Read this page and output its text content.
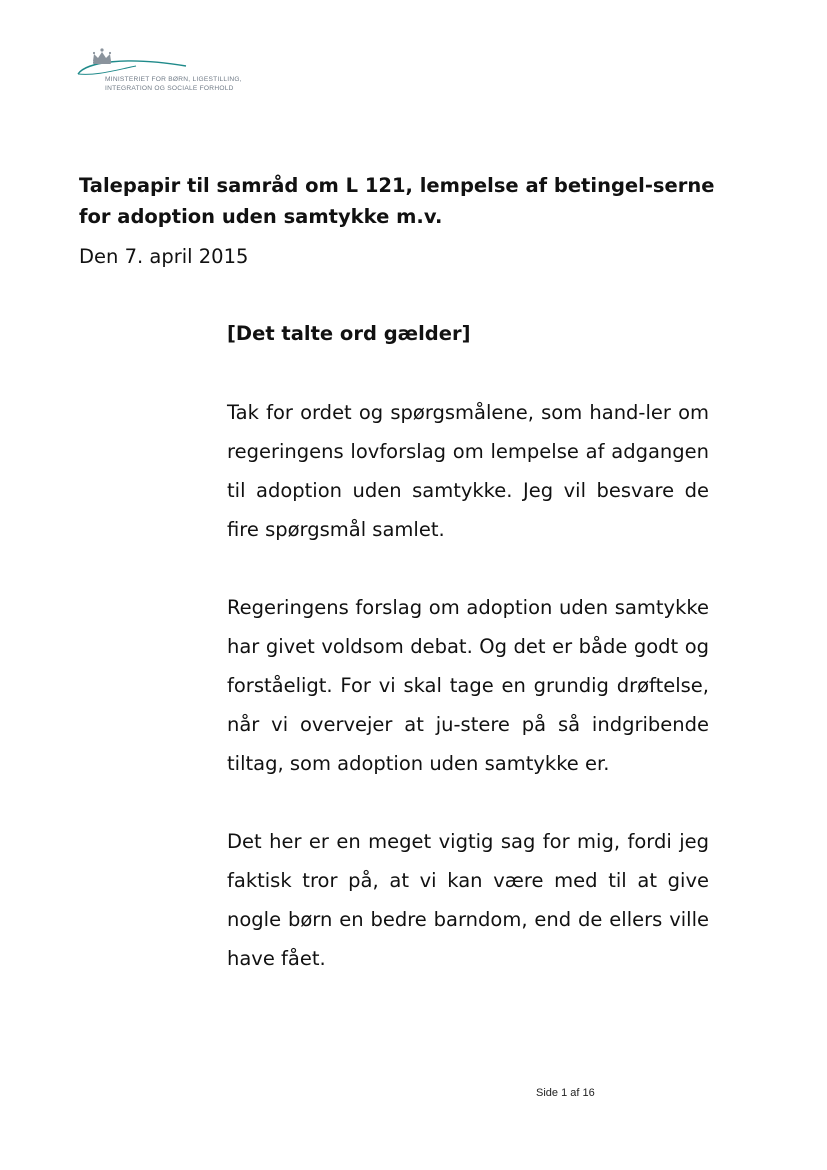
MINISTERIET FOR BØRN, LIGESTILLING,
INTEGRATION OG SOCIALE FORHOLD
Talepapir til samråd om L 121, lempelse af betingel-serne for adoption uden samtykke m.v.
Den 7. april 2015

[Det talte ord gælder]

Tak for ordet og spørgsmålene, som hand-ler om regeringens lovforslag om lempelse af adgangen til adoption uden samtykke. Jeg vil besvare de fire spørgsmål samlet.

Regeringens forslag om adoption uden samtykke har givet voldsom debat. Og det er både godt og forståeligt. For vi skal tage en grundig drøftelse, når vi overvejer at ju-stere på så indgribende tiltag, som adoption uden samtykke er.

Det her er en meget vigtig sag for mig, fordi jeg faktisk tror på, at vi kan være med til at give nogle børn en bedre barndom, end de ellers ville have fået.

Side 1 af 16
